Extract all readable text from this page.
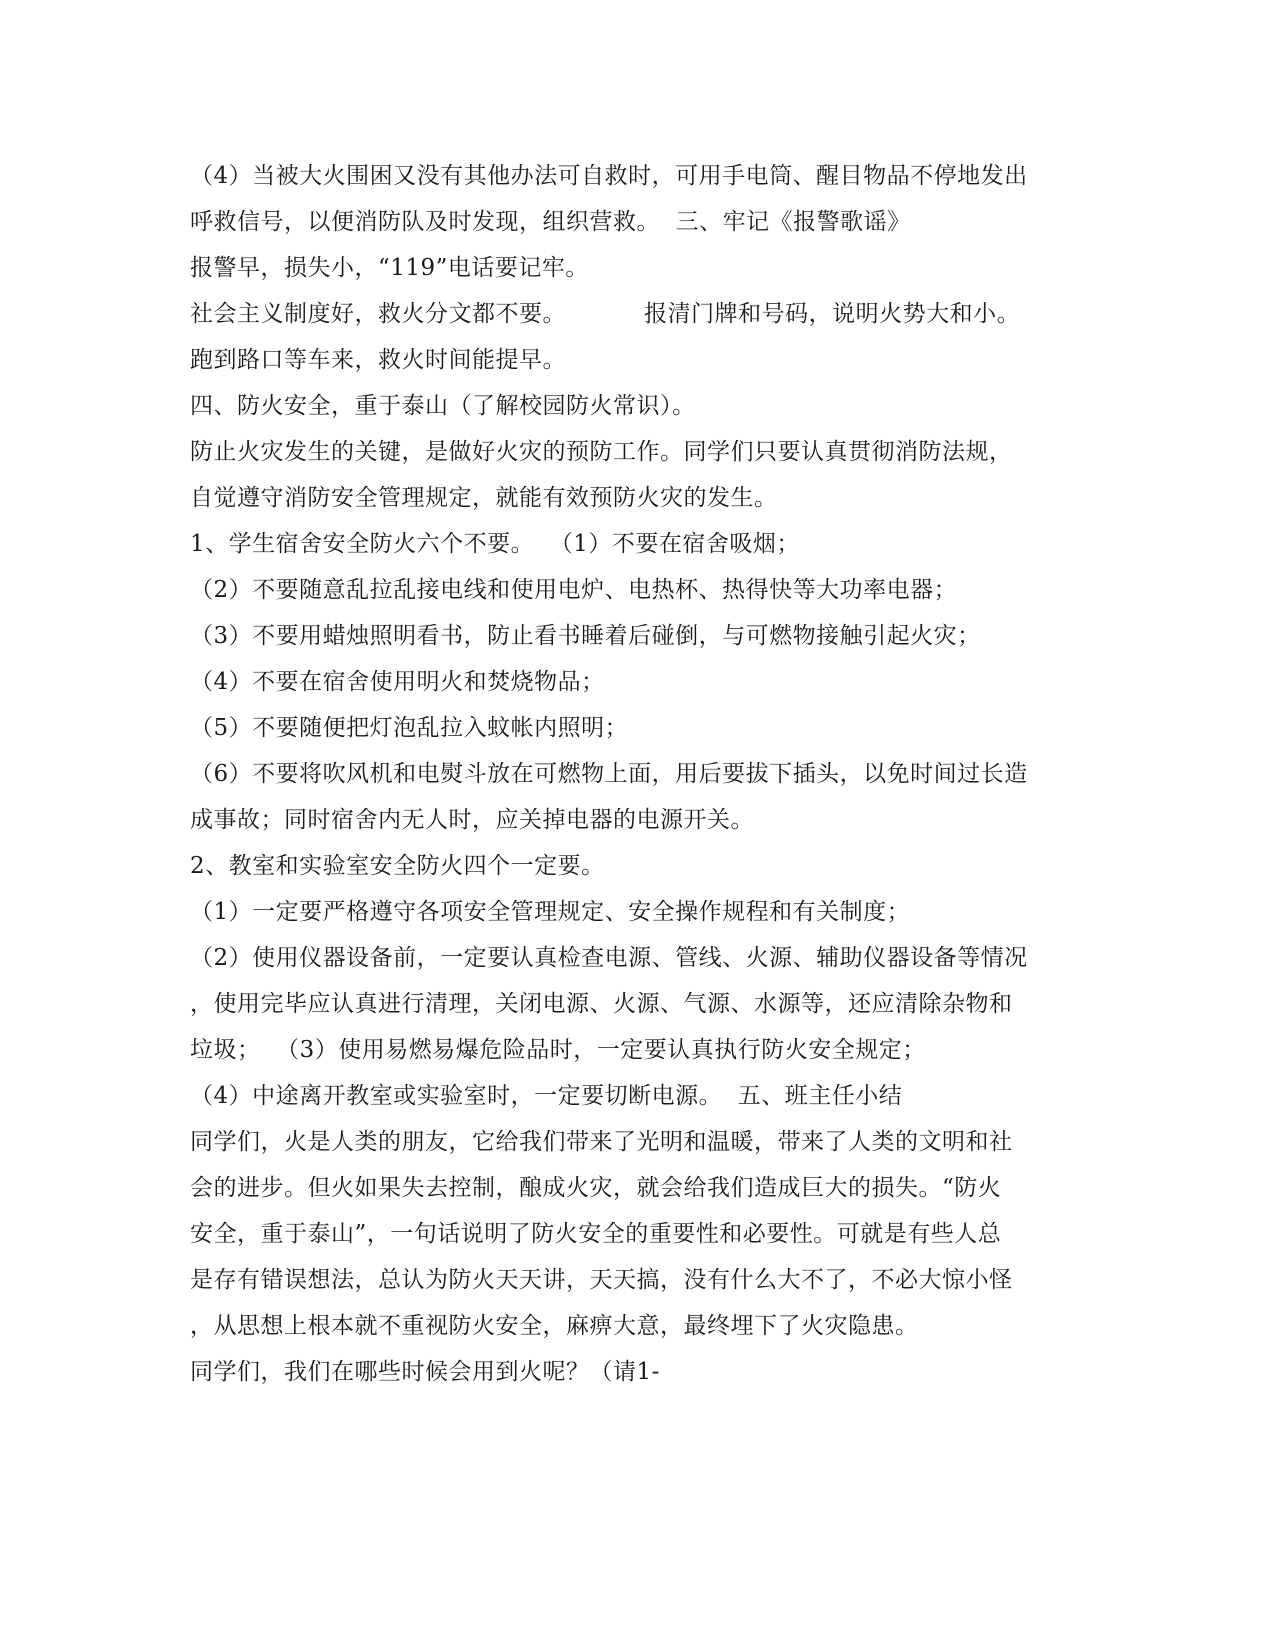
（4）当被大火围困又没有其他办法可自救时，可用手电筒、醒目物品不停地发出
呼救信号，以便消防队及时发现，组织营救。  三、牢记《报警歌谣》
报警早，损失小，“119”电话要记牢。
社会主义制度好，救火分文都不要。          报清门牌和号码，说明火势大和小。
跑到路口等车来，救火时间能提早。
四、防火安全，重于泰山（了解校园防火常识）。
防止火灾发生的关键，是做好火灾的预防工作。同学们只要认真贯彻消防法规，
自觉遵守消防安全管理规定，就能有效预防火灾的发生。
1、学生宿舍安全防火六个不要。  （1）不要在宿舍吸烟；
（2）不要随意乱拉乱接电线和使用电炉、电热杯、热得快等大功率电器；
（3）不要用蜡烛照明看书，防止看书睡着后碰倒，与可燃物接触引起火灾；
（4）不要在宿舍使用明火和焚烧物品；
（5）不要随便把灯泡乱拉入蚊帐内照明；
（6）不要将吹风机和电熨斗放在可燃物上面，用后要拔下插头，以免时间过长造
成事故；同时宿舍内无人时，应关掉电器的电源开关。
2、教室和实验室安全防火四个一定要。
（1）一定要严格遵守各项安全管理规定、安全操作规程和有关制度；
（2）使用仪器设备前，一定要认真检查电源、管线、火源、辅助仪器设备等情况
，使用完毕应认真进行清理，关闭电源、火源、气源、水源等，还应清除杂物和
垃圾；  （3）使用易燃易爆危险品时，一定要认真执行防火安全规定；
（4）中途离开教室或实验室时，一定要切断电源。  五、班主任小结
同学们，火是人类的朋友，它给我们带来了光明和温暖，带来了人类的文明和社
会的进步。但火如果失去控制，酿成火灾，就会给我们造成巨大的损失。“防火
安全，重于泰山”，一句话说明了防火安全的重要性和必要性。可就是有些人总
是存有错误想法，总认为防火天天讲，天天搞，没有什么大不了，不必大惊小怪
，从思想上根本就不重视防火安全，麻痹大意，最终埋下了火灾隐患。
同学们，我们在哪些时候会用到火呢？（请1-
